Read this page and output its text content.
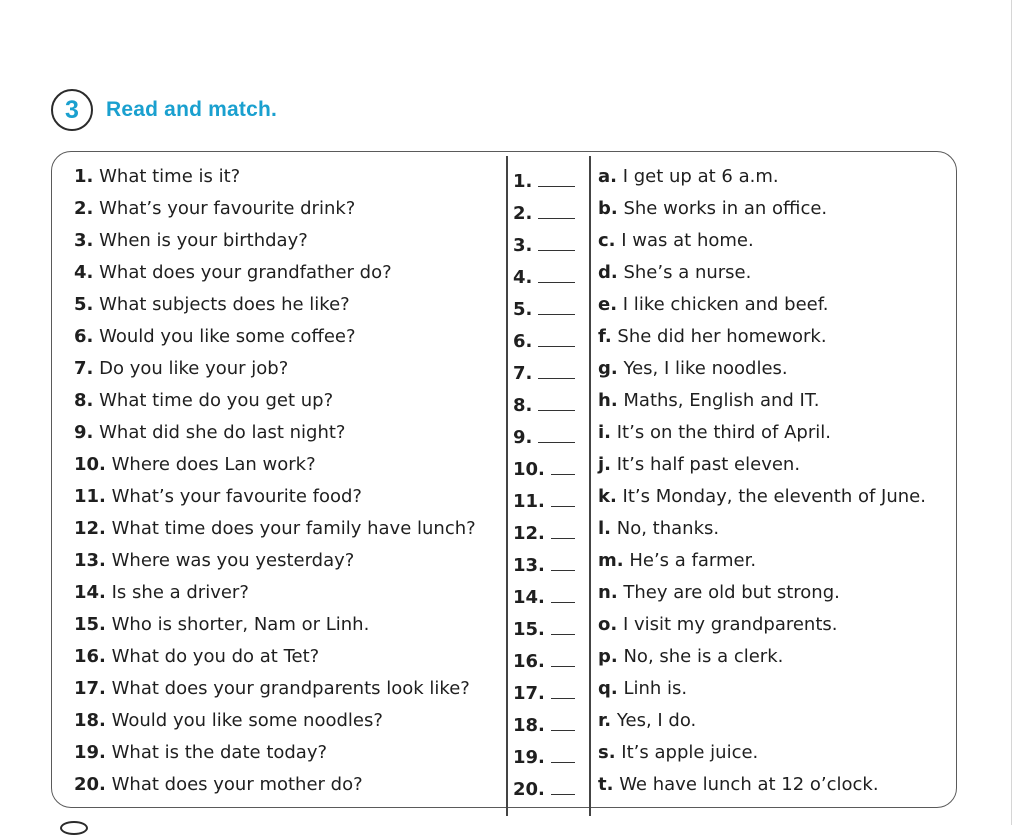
3	Read and match.
1. What time is it?
2. What’s your favourite drink?
3. When is your birthday?
4. What does your grandfather do?
5. What subjects does he like?
6. Would you like some coffee?
7. Do you like your job?
8. What time do you get up?
9. What did she do last night?
10. Where does Lan work?
11. What’s your favourite food?
12. What time does your family have lunch?
13. Where was you yesterday?
14. Is she a driver?
15. Who is shorter, Nam or Linh.
16. What do you do at Tet?
17. What does your grandparents look like?
18. Would you like some noodles?
19. What is the date today?
20. What does your mother do?
1.
2.
3.
4.
5.
6.
7.
8.
9.
10.
11.
12.
13.
14.
15.
16.
17.
18.
19.
20.
a. I get up at 6 a.m.
b. She works in an office.
c. I was at home.
d. She’s a nurse.
e. I like chicken and beef.
f. She did her homework.
g. Yes, I like noodles.
h. Maths, English and IT.
i. It’s on the third of April.
j. It’s half past eleven.
k. It’s Monday, the eleventh of June.
l. No, thanks.
m. He’s a farmer.
n. They are old but strong.
o. I visit my grandparents.
p. No, she is a clerk.
q. Linh is.
r. Yes, I do.
s. It’s apple juice.
t. We have lunch at 12 o’clock.
